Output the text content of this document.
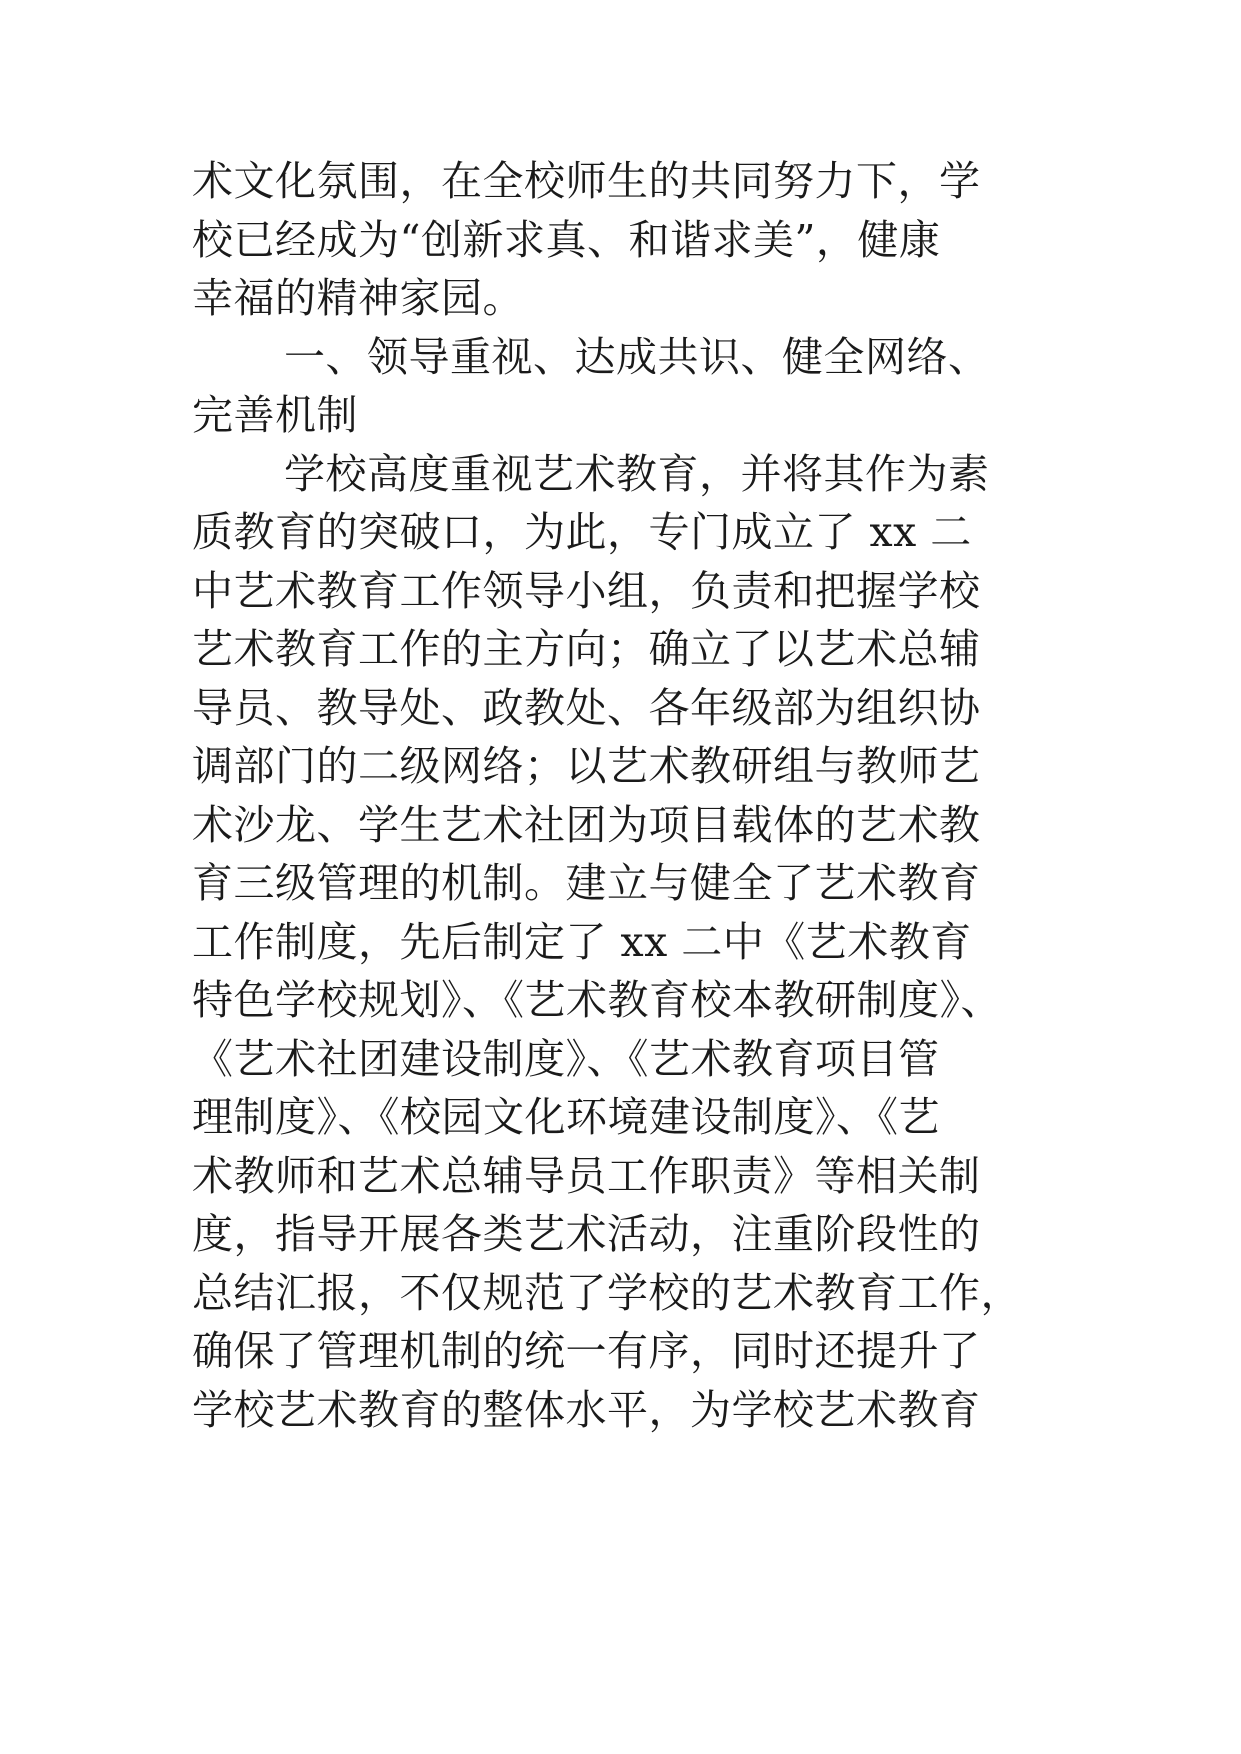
术文化氛围，在全校师生的共同努力下，学
校已经成为“创新求真、和谐求美”，健康
幸福的精神家园。
一、领导重视、达成共识、健全网络、
完善机制
学校高度重视艺术教育，并将其作为素
质教育的突破口，为此，专门成立了 xx 二
中艺术教育工作领导小组，负责和把握学校
艺术教育工作的主方向；确立了以艺术总辅
导员、教导处、政教处、各年级部为组织协
调部门的二级网络；以艺术教研组与教师艺
术沙龙、学生艺术社团为项目载体的艺术教
育三级管理的机制。建立与健全了艺术教育
工作制度，先后制定了 xx 二中《艺术教育
特色学校规划》、《艺术教育校本教研制度》、
《艺术社团建设制度》、《艺术教育项目管
理制度》、《校园文化环境建设制度》、《艺
术教师和艺术总辅导员工作职责》等相关制
度，指导开展各类艺术活动，注重阶段性的
总结汇报，不仅规范了学校的艺术教育工作，
确保了管理机制的统一有序，同时还提升了
学校艺术教育的整体水平，为学校艺术教育
